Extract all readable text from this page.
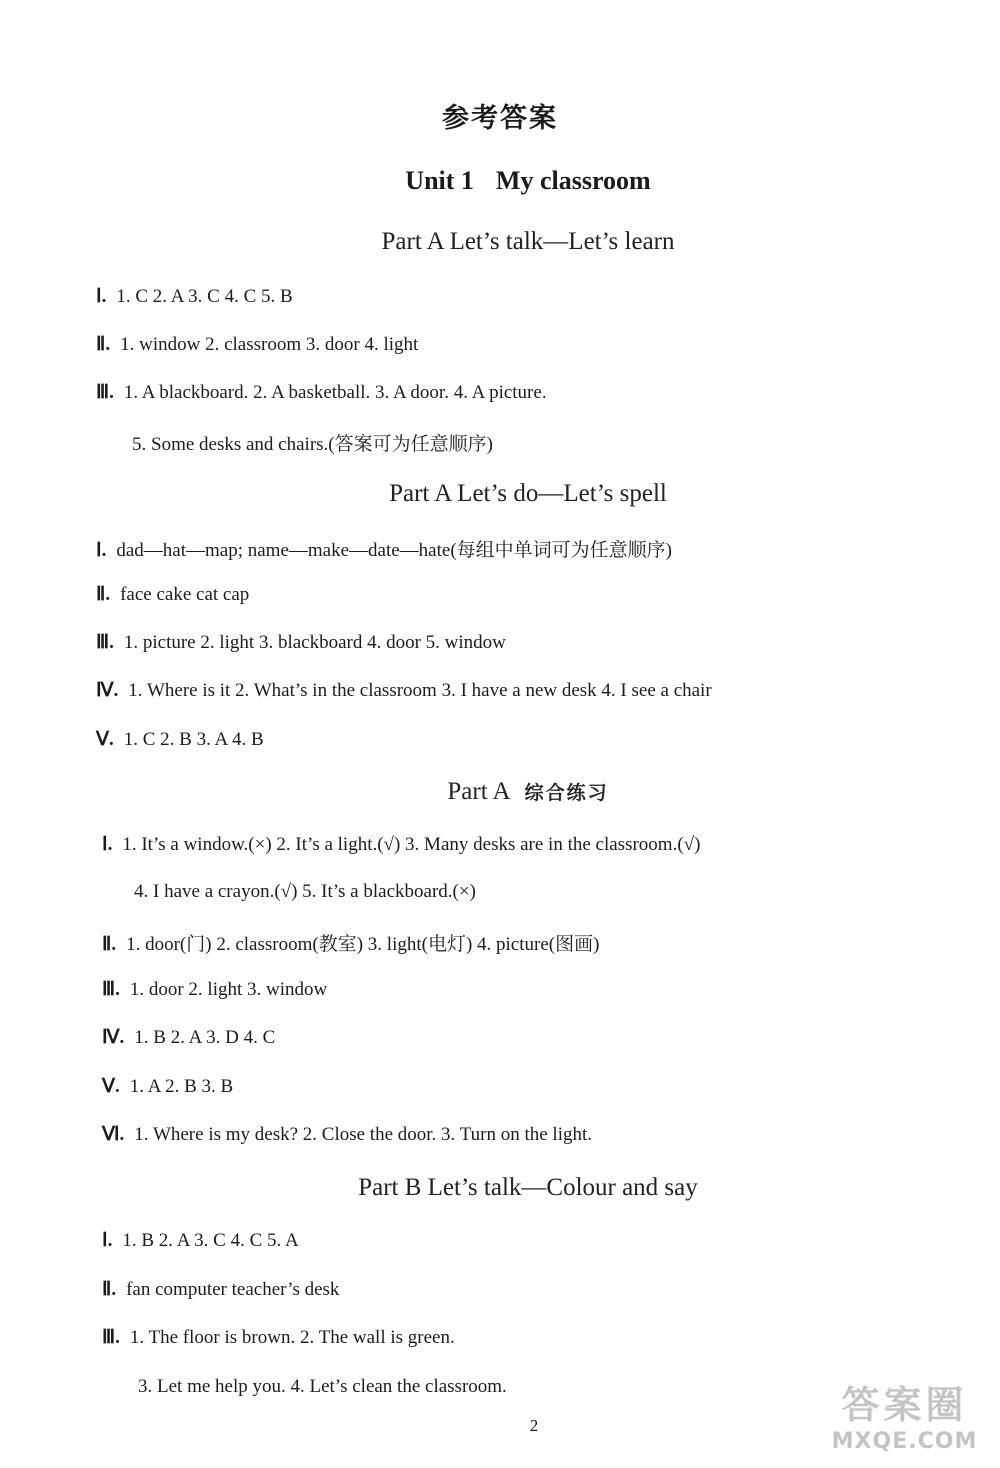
参考答案
Unit 1 My classroom
Part A Let’s talk—Let’s learn
Ⅰ. 1. C 2. A 3. C 4. C 5. B
Ⅱ. 1. window 2. classroom 3. door 4. light
Ⅲ. 1. A blackboard. 2. A basketball. 3. A door. 4. A picture.
5. Some desks and chairs.(答案可为任意顺序)
Part A Let’s do—Let’s spell
Ⅰ. dad—hat—map; name—make—date—hate(每组中单词可为任意顺序)
Ⅱ. face cake cat cap
Ⅲ. 1. picture 2. light 3. blackboard 4. door 5. window
Ⅳ. 1. Where is it 2. What’s in the classroom 3. I have a new desk 4. I see a chair
Ⅴ. 1. C 2. B 3. A 4. B
Part A 综合练习
Ⅰ. 1. It’s a window.(×) 2. It’s a light.(√) 3. Many desks are in the classroom.(√)
4. I have a crayon.(√) 5. It’s a blackboard.(×)
Ⅱ. 1. door(门) 2. classroom(教室) 3. light(电灯) 4. picture(图画)
Ⅲ. 1. door 2. light 3. window
Ⅳ. 1. B 2. A 3. D 4. C
Ⅴ. 1. A 2. B 3. B
Ⅵ. 1. Where is my desk? 2. Close the door. 3. Turn on the light.
Part B Let’s talk—Colour and say
Ⅰ. 1. B 2. A 3. C 4. C 5. A
Ⅱ. fan computer teacher’s desk
Ⅲ. 1. The floor is brown. 2. The wall is green.
3. Let me help you. 4. Let’s clean the classroom.
2	答案圈
MXQE.COM
